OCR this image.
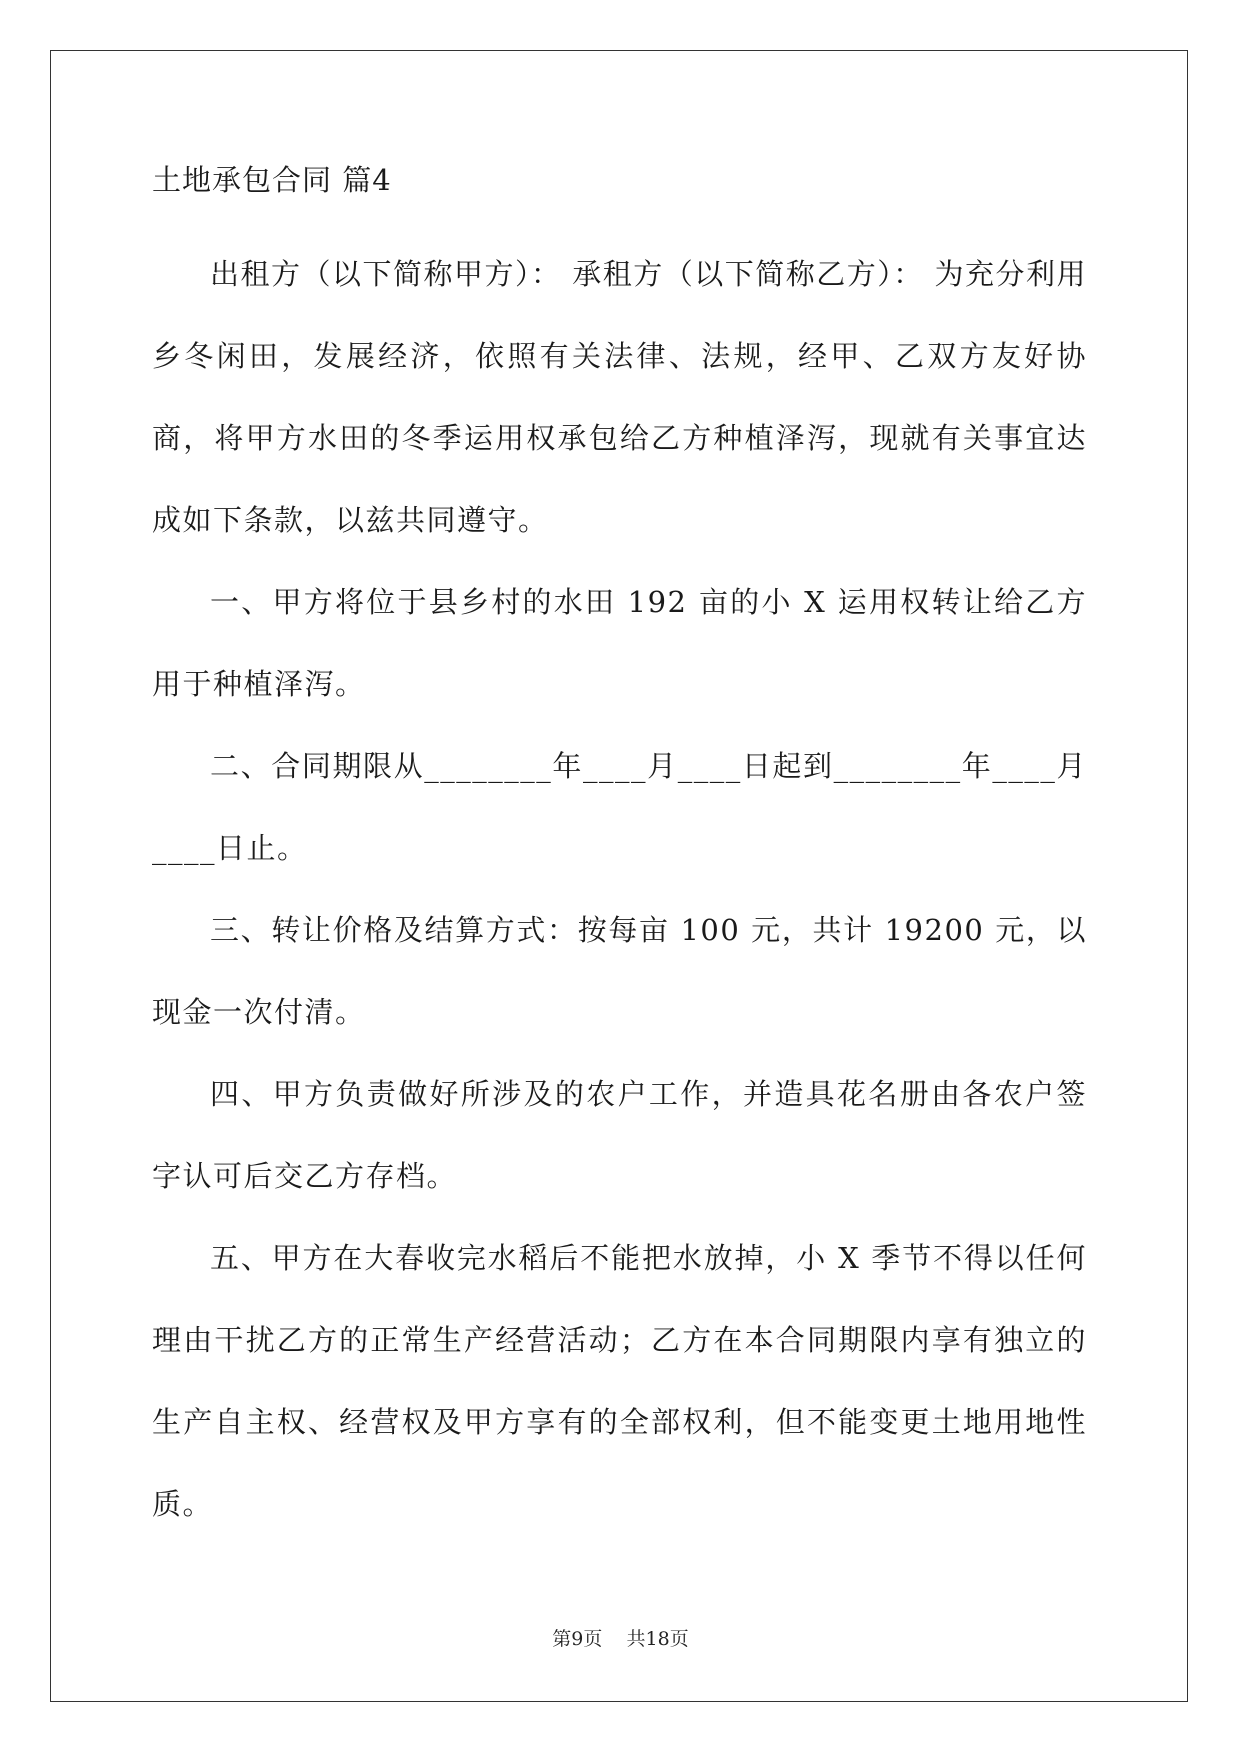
土地承包合同 篇4

出租方（以下简称甲方）： 承租方（以下简称乙方）： 为充分利用乡冬闲田，发展经济，依照有关法律、法规，经甲、乙双方友好协商，将甲方水田的冬季运用权承包给乙方种植泽泻，现就有关事宜达成如下条款，以兹共同遵守。

一、甲方将位于县乡村的水田 192 亩的小 X 运用权转让给乙方用于种植泽泻。

二、合同期限从________年____月____日起到________年____月____日止。

三、转让价格及结算方式：按每亩 100 元，共计 19200 元，以现金一次付清。

四、甲方负责做好所涉及的农户工作，并造具花名册由各农户签字认可后交乙方存档。

五、甲方在大春收完水稻后不能把水放掉，小 X 季节不得以任何理由干扰乙方的正常生产经营活动；乙方在本合同期限内享有独立的生产自主权、经营权及甲方享有的全部权利，但不能变更土地用地性质。

第9页 共18页
